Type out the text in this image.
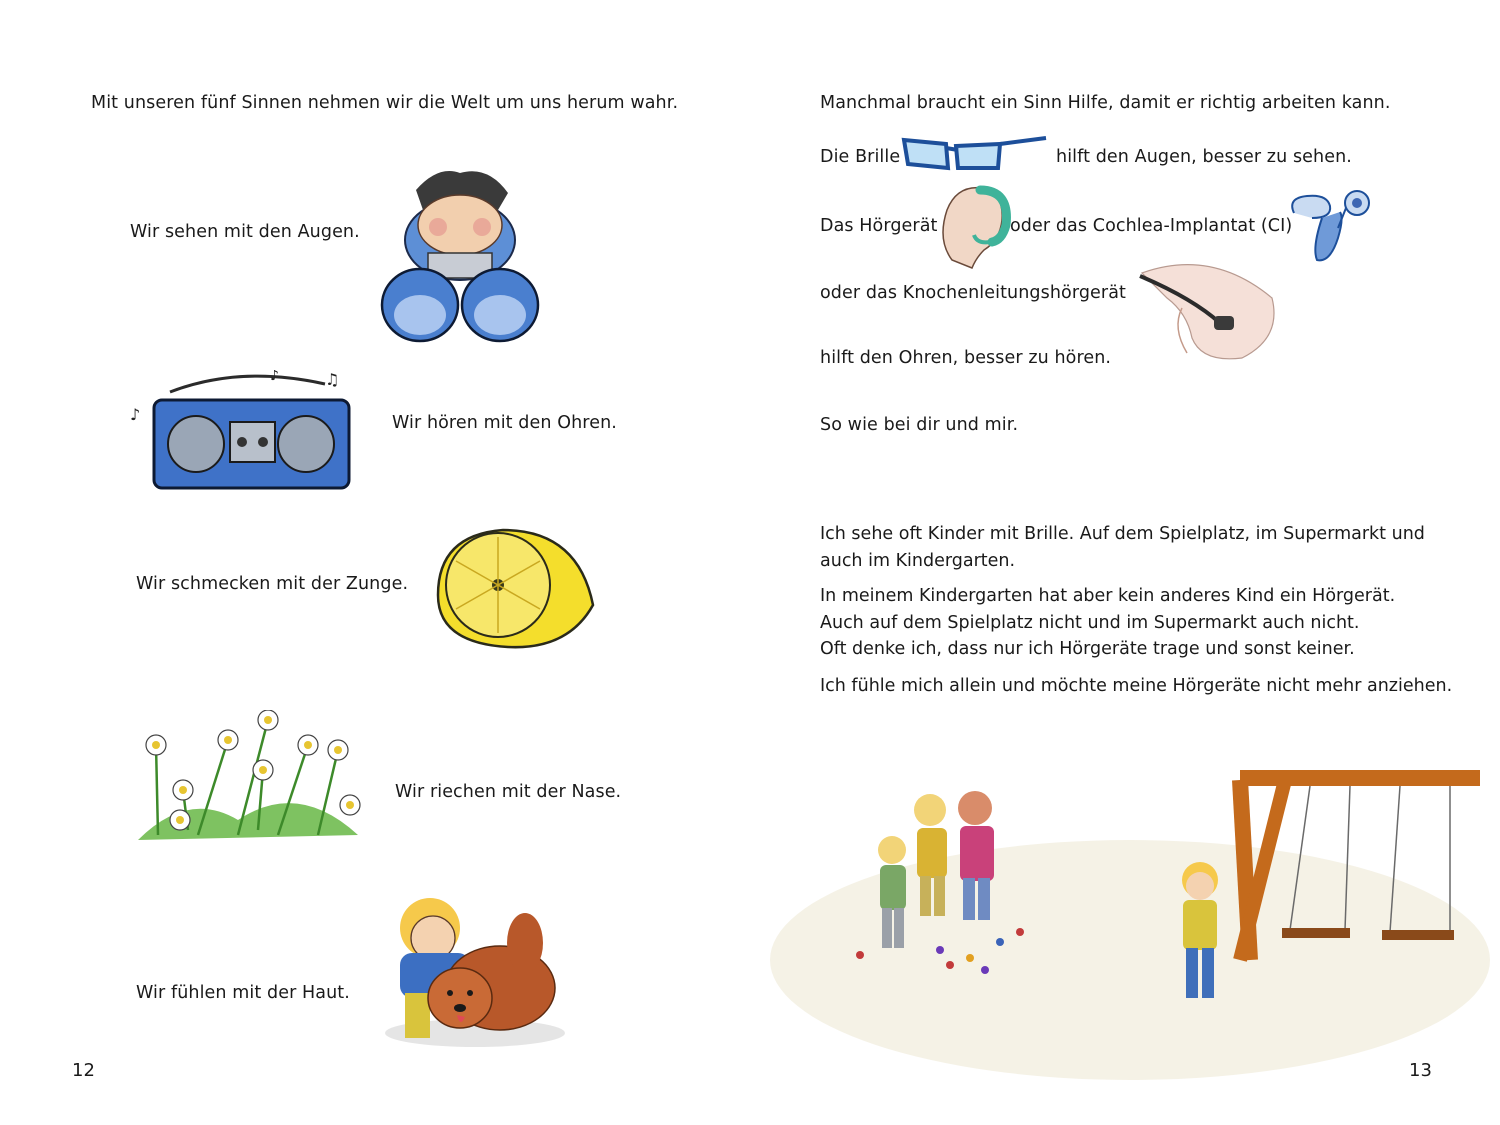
Mit unseren fünf Sinnen nehmen wir die Welt um uns herum wahr.
Wir sehen mit den Augen.
♪
♫
♪
Wir hören mit den Ohren.
Wir schmecken mit der Zunge.
Wir riechen mit der Nase.
Wir fühlen mit der Haut.
12
Manchmal braucht ein Sinn Hilfe, damit er richtig arbeiten kann.
Die Brille	hilft den Augen, besser zu sehen.
Das Hörgerät	oder das Cochlea-Implantat (CI)
oder das Knochenleitungshörgerät
hilft den Ohren, besser zu hören.
So wie bei dir und mir.
Ich sehe oft Kinder mit Brille. Auf dem Spielplatz, im Supermarkt und
auch im Kindergarten.
In meinem Kindergarten hat aber kein anderes Kind ein Hörgerät.
Auch auf dem Spielplatz nicht und im Supermarkt auch nicht.
Oft denke ich, dass nur ich Hörgeräte trage und sonst keiner.
Ich fühle mich allein und möchte meine Hörgeräte nicht mehr anziehen.
13
